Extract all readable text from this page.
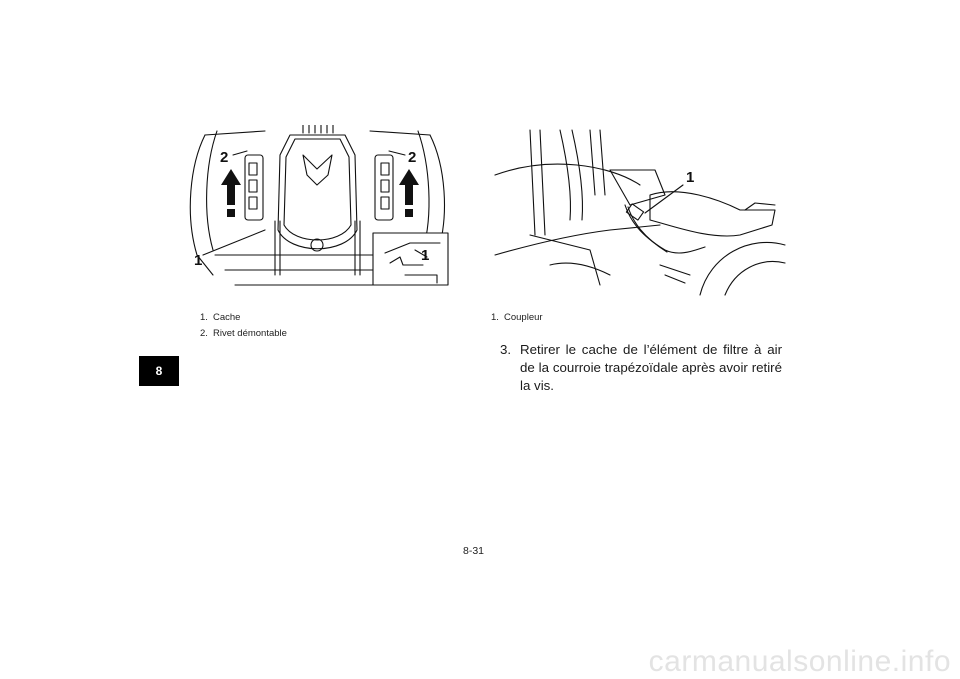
8
2	2
1	1
1
1. Cache
2. Rivet démontable
1. Coupleur
3. Retirer le cache de l’élément de filtre à air de la courroie trapézoïdale après avoir retiré la vis.
8-31
carmanualsonline.info
